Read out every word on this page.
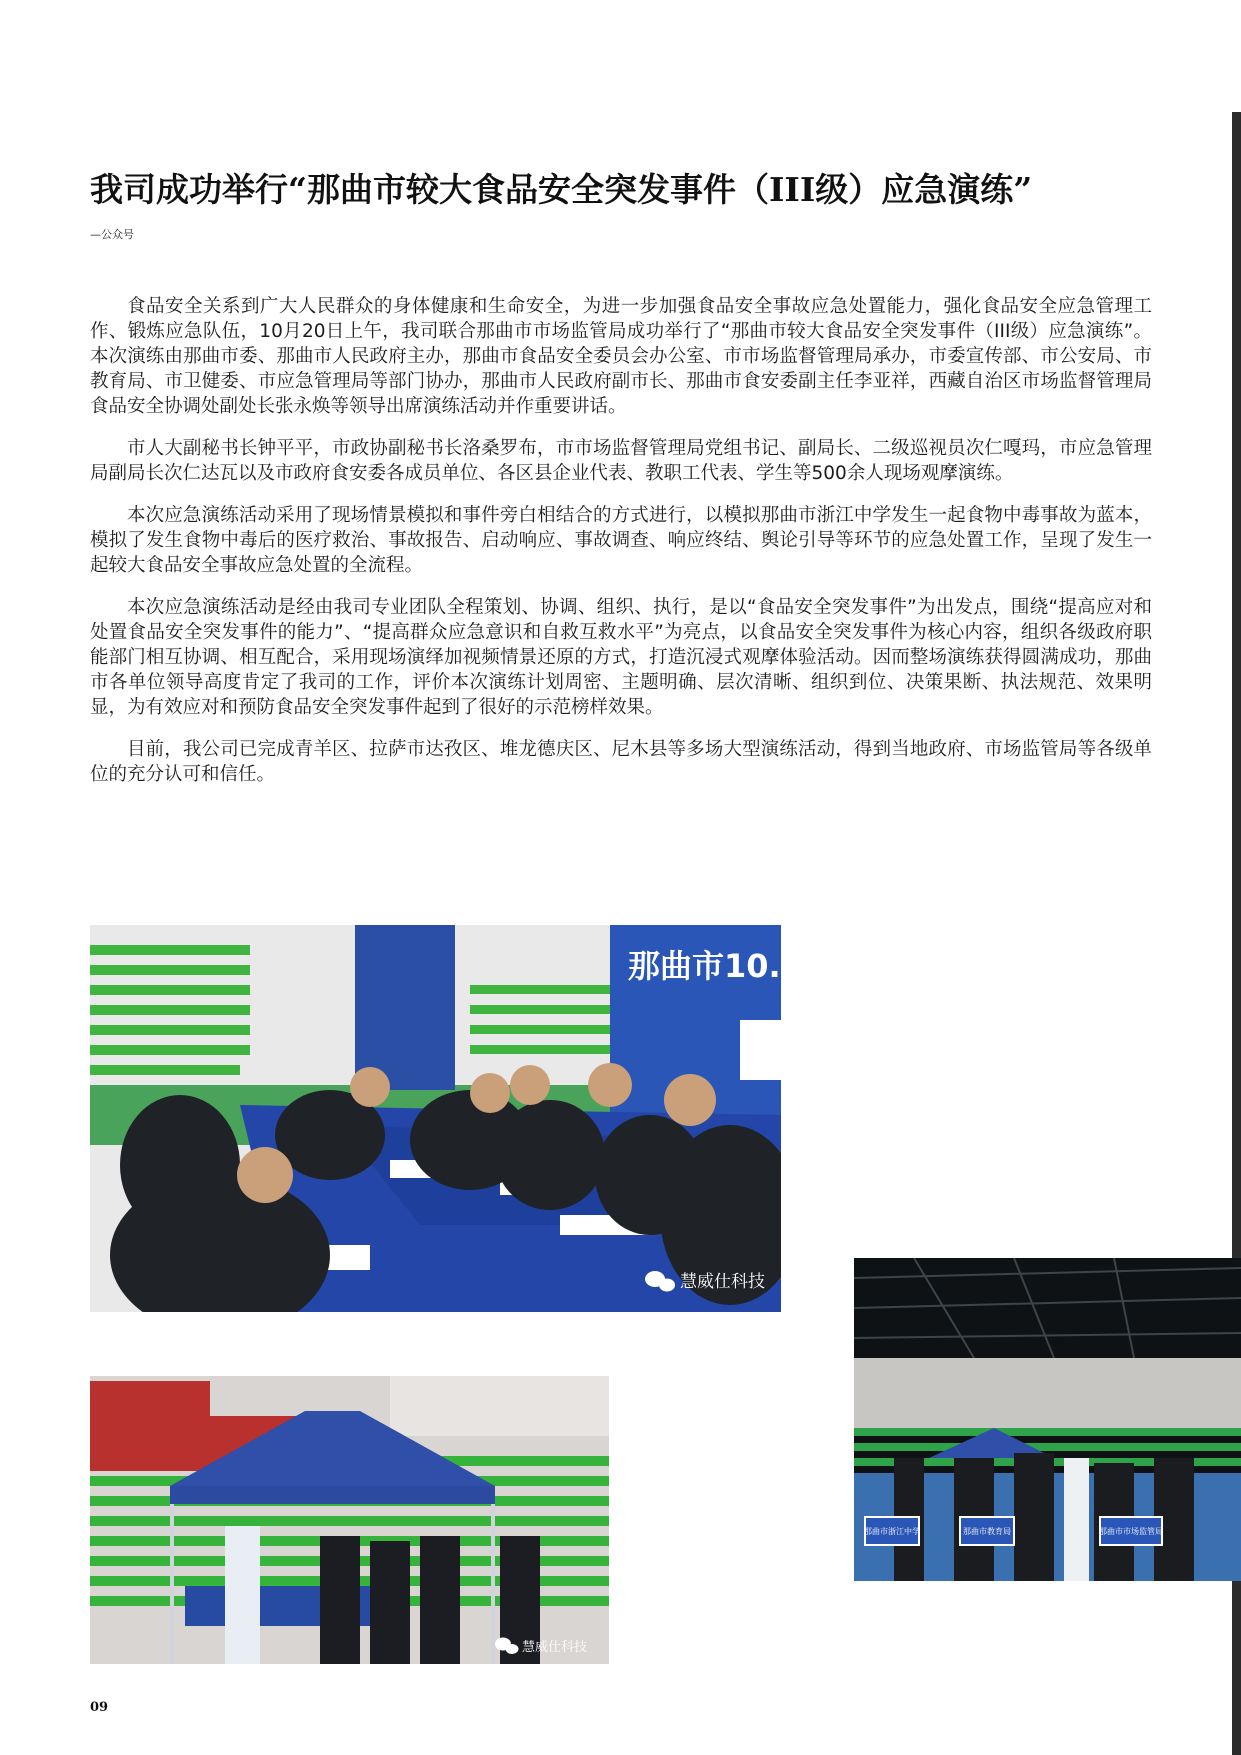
我司成功举行“那曲市较大食品安全突发事件（III级）应急演练”
—公众号

食品安全关系到广大人民群众的身体健康和生命安全，为进一步加强食品安全事故应急处置能力，强化食品安全应急管理工作、锻炼应急队伍，10月20日上午，我司联合那曲市市场监管局成功举行了“那曲市较大食品安全突发事件（III级）应急演练”。本次演练由那曲市委、那曲市人民政府主办，那曲市食品安全委员会办公室、市市场监督管理局承办，市委宣传部、市公安局、市教育局、市卫健委、市应急管理局等部门协办，那曲市人民政府副市长、那曲市食安委副主任李亚祥，西藏自治区市场监督管理局食品安全协调处副处长张永焕等领导出席演练活动并作重要讲话。

市人大副秘书长钟平平，市政协副秘书长洛桑罗布，市市场监督管理局党组书记、副局长、二级巡视员次仁嘎玛，市应急管理局副局长次仁达瓦以及市政府食安委各成员单位、各区县企业代表、教职工代表、学生等500余人现场观摩演练。

本次应急演练活动采用了现场情景模拟和事件旁白相结合的方式进行，以模拟那曲市浙江中学发生一起食物中毒事故为蓝本，模拟了发生食物中毒后的医疗救治、事故报告、启动响应、事故调查、响应终结、舆论引导等环节的应急处置工作，呈现了发生一起较大食品安全事故应急处置的全流程。

本次应急演练活动是经由我司专业团队全程策划、协调、组织、执行，是以“食品安全突发事件”为出发点，围绕“提高应对和处置食品安全突发事件的能力”、“提高群众应急意识和自救互救水平”为亮点，以食品安全突发事件为核心内容，组织各级政府职能部门相互协调、相互配合，采用现场演绎加视频情景还原的方式，打造沉浸式观摩体验活动。因而整场演练获得圆满成功，那曲市各单位领导高度肯定了我司的工作，评价本次演练计划周密、主题明确、层次清晰、组织到位、决策果断、执法规范、效果明显，为有效应对和预防食品安全突发事件起到了很好的示范榜样效果。

目前，我公司已完成青羊区、拉萨市达孜区、堆龙德庆区、尼木县等多场大型演练活动，得到当地政府、市场监管局等各级单位的充分认可和信任。

那曲市10.
慧威仕科技
慧威仕科技
那曲市浙江中学	那曲市教育局	那曲市市场监管局
09
